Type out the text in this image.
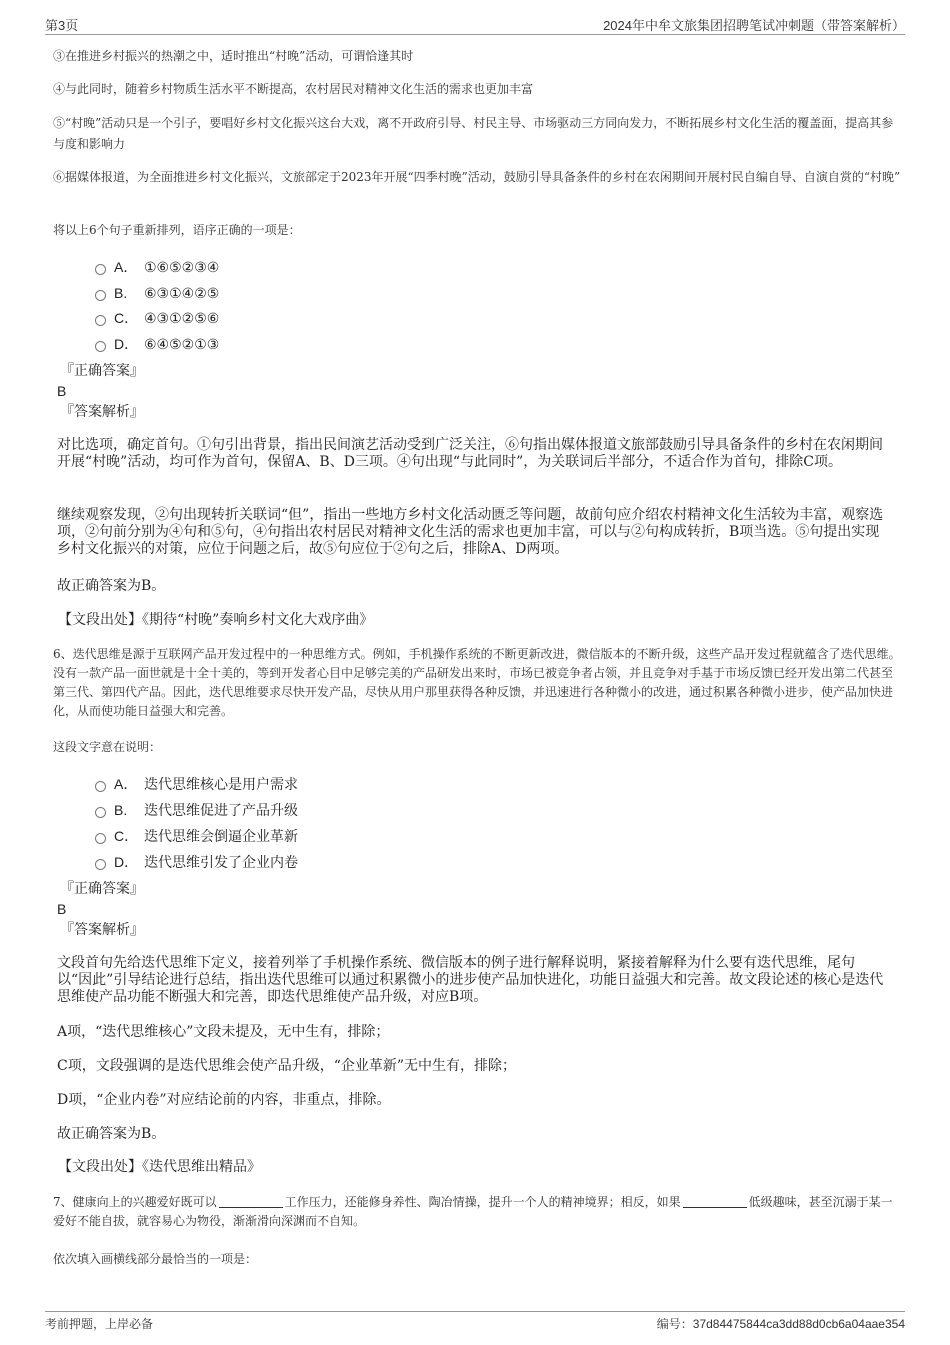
第3页	2024年中牟文旅集团招聘笔试冲刺题（带答案解析）
③在推进乡村振兴的热潮之中，适时推出“村晚”活动，可谓恰逢其时
④与此同时，随着乡村物质生活水平不断提高，农村居民对精神文化生活的需求也更加丰富
⑤“村晚”活动只是一个引子，要唱好乡村文化振兴这台大戏，离不开政府引导、村民主导、市场驱动三方同向发力，不断拓展乡村文化生活的覆盖面，提高其参与度和影响力
⑥据媒体报道，为全面推进乡村文化振兴，文旅部定于2023年开展“四季村晚”活动，鼓励引导具备条件的乡村在农闲期间开展村民自编自导、自演自赏的“村晚”
将以上6个句子重新排列，语序正确的一项是：
A． ①⑥⑤②③④
B. ⑥③①④②⑤
C． ④③①②⑤⑥
D． ⑥④⑤②①③
『正确答案』
B
『答案解析』
对比选项，确定首句。①句引出背景，指出民间演艺活动受到广泛关注，⑥句指出媒体报道文旅部鼓励引导具备条件的乡村在农闲期间开展“村晚”活动，均可作为首句，保留A、B、D三项。④句出现“与此同时”，为关联词后半部分，不适合作为首句，排除C项。
继续观察发现，②句出现转折关联词“但”，指出一些地方乡村文化活动匮乏等问题，故前句应介绍农村精神文化生活较为丰富，观察选项，②句前分别为④句和⑤句，④句指出农村居民对精神文化生活的需求也更加丰富，可以与②句构成转折，B项当选。⑤句提出实现乡村文化振兴的对策，应位于问题之后，故⑤句应位于②句之后，排除A、D两项。
故正确答案为B。
【文段出处】《期待“村晚”奏响乡村文化大戏序曲》
6、迭代思维是源于互联网产品开发过程中的一种思维方式。例如，手机操作系统的不断更新改进，微信版本的不断升级，这些产品开发过程就蕴含了迭代思维。没有一款产品一面世就是十全十美的，等到开发者心目中足够完美的产品研发出来时，市场已被竞争者占领，并且竞争对手基于市场反馈已经开发出第二代甚至第三代、第四代产品。因此，迭代思维要求尽快开发产品，尽快从用户那里获得各种反馈，并迅速进行各种微小的改进，通过积累各种微小进步，使产品加快进化，从而使功能日益强大和完善。
这段文字意在说明：
A． 迭代思维核心是用户需求
B. 迭代思维促进了产品升级
C． 迭代思维会倒逼企业革新
D． 迭代思维引发了企业内卷
『正确答案』
B
『答案解析』
文段首句先给迭代思维下定义，接着列举了手机操作系统、微信版本的例子进行解释说明，紧接着解释为什么要有迭代思维，尾句以“因此”引导结论进行总结，指出迭代思维可以通过积累微小的进步使产品加快进化，功能日益强大和完善。故文段论述的核心是迭代思维使产品功能不断强大和完善，即迭代思维使产品升级，对应B项。
A项，“迭代思维核心”文段未提及，无中生有，排除；
C项，文段强调的是迭代思维会使产品升级，“企业革新”无中生有，排除；
D项，“企业内卷”对应结论前的内容，非重点，排除。
故正确答案为B。
【文段出处】《迭代思维出精品》
7、健康向上的兴趣爱好既可以	工作压力，还能修身养性、陶冶情操，提升一个人的精神境界；相反，如果	低级趣味，甚至沉溺于某一爱好不能自拔，就容易心为物役，渐渐滑向深渊而不自知。
依次填入画横线部分最恰当的一项是：
考前押题，上岸必备	编号：37d84475844ca3dd88d0cb6a04aae354
